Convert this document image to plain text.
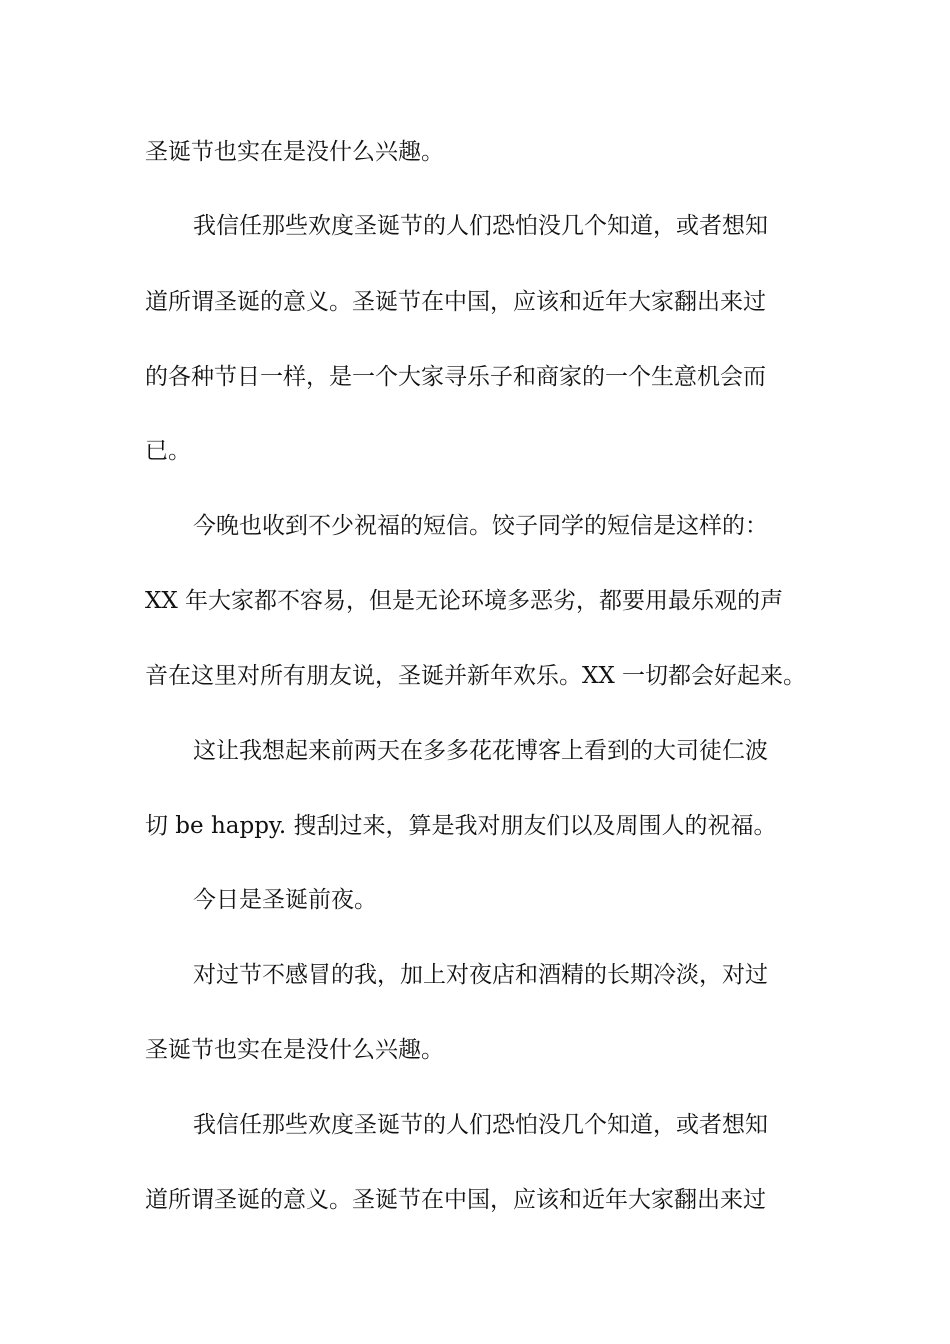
圣诞节也实在是没什么兴趣。
我信任那些欢度圣诞节的人们恐怕没几个知道，或者想知
道所谓圣诞的意义。圣诞节在中国，应该和近年大家翻出来过
的各种节日一样，是一个大家寻乐子和商家的一个生意机会而
已。
今晚也收到不少祝福的短信。饺子同学的短信是这样的：
XX 年大家都不容易，但是无论环境多恶劣，都要用最乐观的声
音在这里对所有朋友说，圣诞并新年欢乐。XX 一切都会好起来。
这让我想起来前两天在多多花花博客上看到的大司徒仁波
切 be happy. 搜刮过来，算是我对朋友们以及周围人的祝福。
今日是圣诞前夜。
对过节不感冒的我，加上对夜店和酒精的长期冷淡，对过
圣诞节也实在是没什么兴趣。
我信任那些欢度圣诞节的人们恐怕没几个知道，或者想知
道所谓圣诞的意义。圣诞节在中国，应该和近年大家翻出来过
